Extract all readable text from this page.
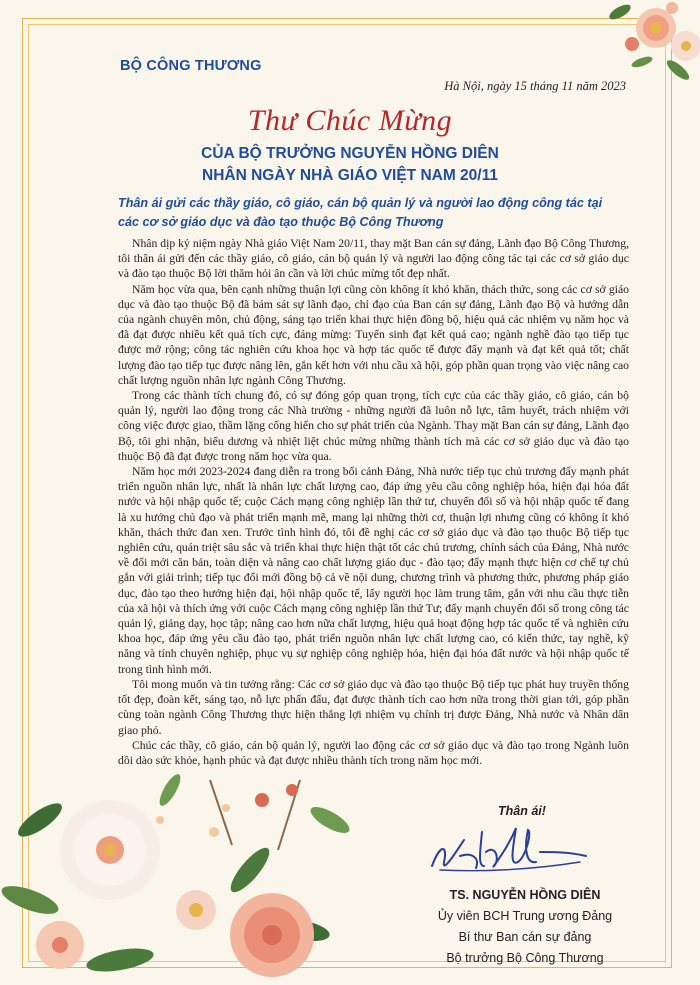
BỘ CÔNG THƯƠNG
Hà Nội, ngày 15 tháng 11 năm 2023
Thư Chúc Mừng
CỦA BỘ TRƯỞNG NGUYỄN HỒNG DIÊN
NHÂN NGÀY NHÀ GIÁO VIỆT NAM 20/11
Thân ái gửi các thầy giáo, cô giáo, cán bộ quản lý và người lao động công tác tại các cơ sở giáo dục và đào tạo thuộc Bộ Công Thương

Nhân dịp kỷ niệm ngày Nhà giáo Việt Nam 20/11, thay mặt Ban cán sự đảng, Lãnh đạo Bộ Công Thương, tôi thân ái gửi đến các thầy giáo, cô giáo, cán bộ quản lý và người lao động công tác tại các cơ sở giáo dục và đào tạo thuộc Bộ lời thăm hỏi ân cần và lời chúc mừng tốt đẹp nhất.

Năm học vừa qua, bên cạnh những thuận lợi cũng còn không ít khó khăn, thách thức, song các cơ sở giáo dục và đào tạo thuộc Bộ đã bám sát sự lãnh đạo, chỉ đạo của Ban cán sự đảng, Lãnh đạo Bộ và hướng dẫn của ngành chuyên môn, chủ động, sáng tạo triển khai thực hiện đồng bộ, hiệu quả các nhiệm vụ năm học và đã đạt được nhiều kết quả tích cực, đáng mừng: Tuyển sinh đạt kết quả cao; ngành nghề đào tạo tiếp tục được mở rộng; công tác nghiên cứu khoa học và hợp tác quốc tế được đẩy mạnh và đạt kết quả tốt; chất lượng đào tạo tiếp tục được nâng lên, gắn kết hơn với nhu cầu xã hội, góp phần quan trọng vào việc nâng cao chất lượng nguồn nhân lực ngành Công Thương.

Trong các thành tích chung đó, có sự đóng góp quan trọng, tích cực của các thầy giáo, cô giáo, cán bộ quản lý, người lao động trong các Nhà trường - những người đã luôn nỗ lực, tâm huyết, trách nhiệm với công việc được giao, thầm lặng cống hiến cho sự phát triển của Ngành. Thay mặt Ban cán sự đảng, Lãnh đạo Bộ, tôi ghi nhận, biểu dương và nhiệt liệt chúc mừng những thành tích mà các cơ sở giáo dục và đào tạo thuộc Bộ đã đạt được trong năm học vừa qua.

Năm học mới 2023-2024 đang diễn ra trong bối cảnh Đảng, Nhà nước tiếp tục chủ trương đẩy mạnh phát triển nguồn nhân lực, nhất là nhân lực chất lượng cao, đáp ứng yêu cầu công nghiệp hóa, hiện đại hóa đất nước và hội nhập quốc tế; cuộc Cách mạng công nghiệp lần thứ tư, chuyển đổi số và hội nhập quốc tế đang là xu hướng chủ đạo và phát triển mạnh mẽ, mang lại những thời cơ, thuận lợi nhưng cũng có không ít khó khăn, thách thức đan xen. Trước tình hình đó, tôi đề nghị các cơ sở giáo dục và đào tạo thuộc Bộ tiếp tục nghiên cứu, quán triệt sâu sắc và triển khai thực hiện thật tốt các chủ trương, chính sách của Đảng, Nhà nước về đổi mới căn bản, toàn diện và nâng cao chất lượng giáo dục - đào tạo; đẩy mạnh thực hiện cơ chế tự chủ gắn với giải trình; tiếp tục đổi mới đồng bộ cả về nội dung, chương trình và phương thức, phương pháp giáo dục, đào tạo theo hướng hiện đại, hội nhập quốc tế, lấy người học làm trung tâm, gắn với nhu cầu thực tiễn của xã hội và thích ứng với cuộc Cách mạng công nghiệp lần thứ Tư; đẩy mạnh chuyển đổi số trong công tác quản lý, giảng dạy, học tập; nâng cao hơn nữa chất lượng, hiệu quả hoạt động hợp tác quốc tế và nghiên cứu khoa học, đáp ứng yêu cầu đào tạo, phát triển nguồn nhân lực chất lượng cao, có kiến thức, tay nghề, kỹ năng và tính chuyên nghiệp, phục vụ sự nghiệp công nghiệp hóa, hiện đại hóa đất nước và hội nhập quốc tế trong tình hình mới.

Tôi mong muốn và tin tưởng rằng: Các cơ sở giáo dục và đào tạo thuộc Bộ tiếp tục phát huy truyền thống tốt đẹp, đoàn kết, sáng tạo, nỗ lực phấn đấu, đạt được thành tích cao hơn nữa trong thời gian tới, góp phần cùng toàn ngành Công Thương thực hiện thắng lợi nhiệm vụ chính trị được Đảng, Nhà nước và Nhân dân giao phó.

Chúc các thầy, cô giáo, cán bộ quản lý, người lao động các cơ sở giáo dục và đào tạo trong Ngành luôn dồi dào sức khỏe, hạnh phúc và đạt được nhiều thành tích trong năm học mới.

Thân ái!
TS. NGUYỄN HỒNG DIÊN
Ủy viên BCH Trung ương Đảng
Bí thư Ban cán sự đảng
Bộ trưởng Bộ Công Thương
